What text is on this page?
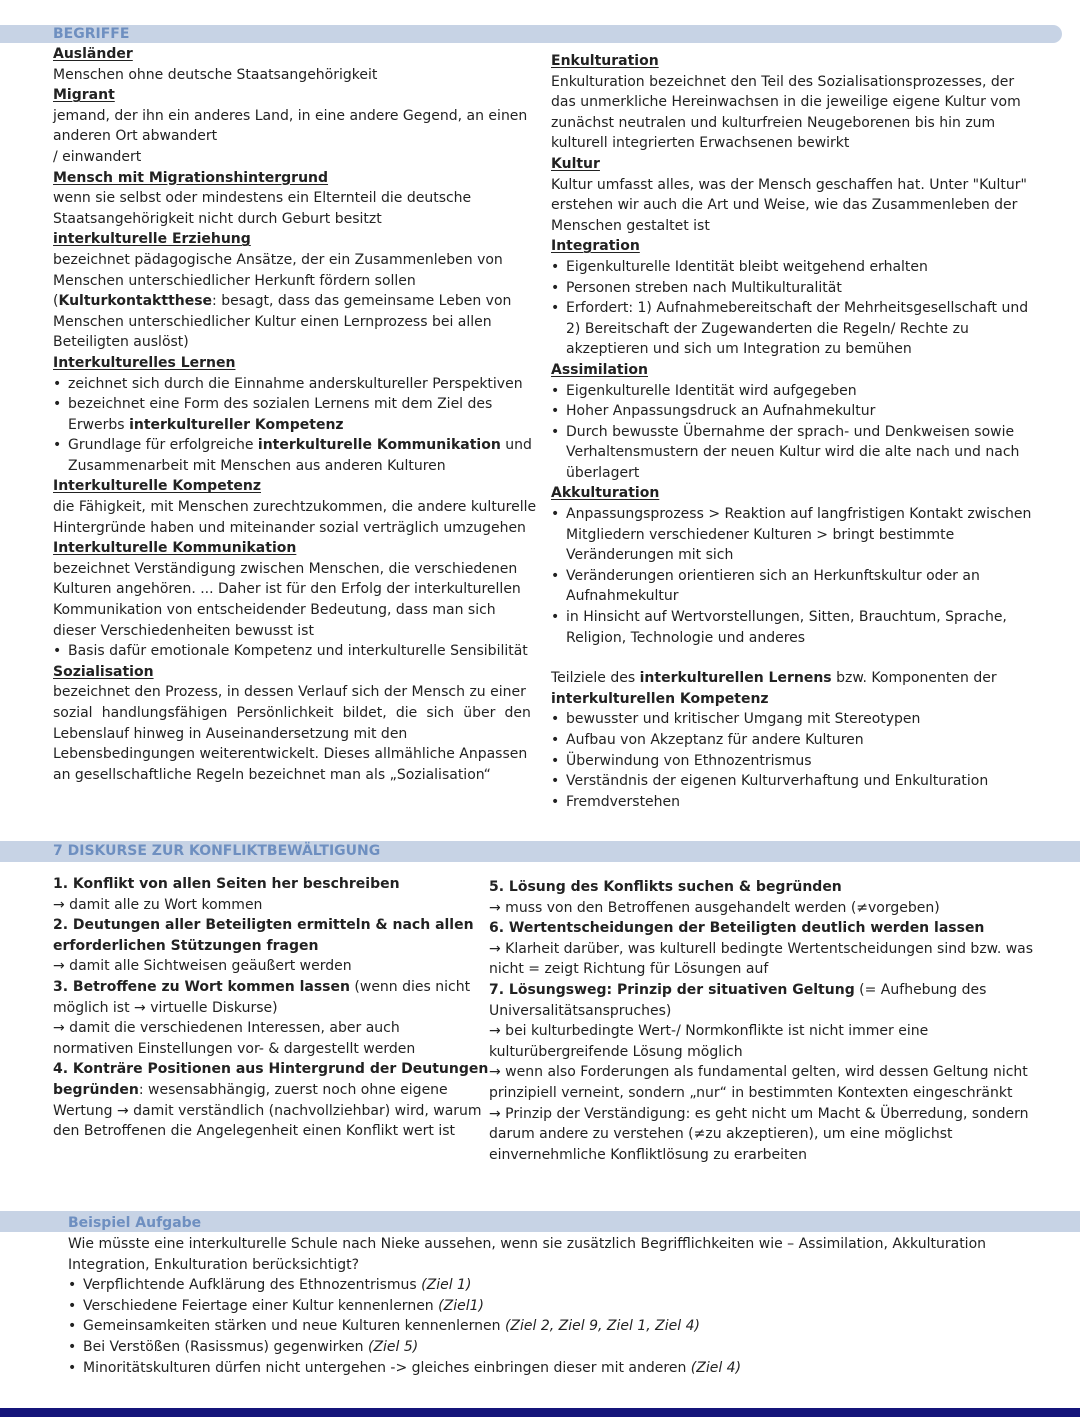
BEGRIFFE
Ausländer
Menschen ohne deutsche Staatsangehörigkeit
Migrant
jemand, der ihn ein anderes Land, in eine andere Gegend, an einen
anderen Ort abwandert
/ einwandert
Mensch mit Migrationshintergrund
wenn sie selbst oder mindestens ein Elternteil die deutsche
Staatsangehörigkeit nicht durch Geburt besitzt
interkulturelle Erziehung
bezeichnet pädagogische Ansätze, der ein Zusammenleben von
Menschen unterschiedlicher Herkunft fördern sollen
(Kulturkontaktthese: besagt, dass das gemeinsame Leben von
Menschen unterschiedlicher Kultur einen Lernprozess bei allen
Beteiligten auslöst)
Interkulturelles Lernen
• zeichnet sich durch die Einnahme anderskultureller Perspektiven
• bezeichnet eine Form des sozialen Lernens mit dem Ziel des
Erwerbs interkultureller Kompetenz
• Grundlage für erfolgreiche interkulturelle Kommunikation und
Zusammenarbeit mit Menschen aus anderen Kulturen
Interkulturelle Kompetenz
die Fähigkeit, mit Menschen zurechtzukommen, die andere kulturelle
Hintergründe haben und miteinander sozial verträglich umzugehen
Interkulturelle Kommunikation
bezeichnet Verständigung zwischen Menschen, die verschiedenen
Kulturen angehören. ... Daher ist für den Erfolg der interkulturellen
Kommunikation von entscheidender Bedeutung, dass man sich
dieser Verschiedenheiten bewusst ist
• Basis dafür emotionale Kompetenz und interkulturelle Sensibilität
Sozialisation
bezeichnet den Prozess, in dessen Verlauf sich der Mensch zu einer
sozial handlungsfähigen Persönlichkeit bildet, die sich über den
Lebenslauf hinweg in Auseinandersetzung mit den
Lebensbedingungen weiterentwickelt. Dieses allmähliche Anpassen
an gesellschaftliche Regeln bezeichnet man als „Sozialisation“
Enkulturation
Enkulturation bezeichnet den Teil des Sozialisationsprozesses, der
das unmerkliche Hereinwachsen in die jeweilige eigene Kultur vom
zunächst neutralen und kulturfreien Neugeborenen bis hin zum
kulturell integrierten Erwachsenen bewirkt
Kultur
Kultur umfasst alles, was der Mensch geschaffen hat. Unter "Kultur"
erstehen wir auch die Art und Weise, wie das Zusammenleben der
Menschen gestaltet ist
Integration
• Eigenkulturelle Identität bleibt weitgehend erhalten
• Personen streben nach Multikulturalität
• Erfordert: 1) Aufnahmebereitschaft der Mehrheitsgesellschaft und
2) Bereitschaft der Zugewanderten die Regeln/ Rechte zu
akzeptieren und sich um Integration zu bemühen
Assimilation
• Eigenkulturelle Identität wird aufgegeben
• Hoher Anpassungsdruck an Aufnahmekultur
• Durch bewusste Übernahme der sprach- und Denkweisen sowie
Verhaltensmustern der neuen Kultur wird die alte nach und nach
überlagert
Akkulturation
• Anpassungsprozess > Reaktion auf langfristigen Kontakt zwischen
Mitgliedern verschiedener Kulturen > bringt bestimmte
Veränderungen mit sich
• Veränderungen orientieren sich an Herkunftskultur oder an
Aufnahmekultur
• in Hinsicht auf Wertvorstellungen, Sitten, Brauchtum, Sprache,
Religion, Technologie und anderes
Teilziele des interkulturellen Lernens bzw. Komponenten der
interkulturellen Kompetenz
• bewusster und kritischer Umgang mit Stereotypen
• Aufbau von Akzeptanz für andere Kulturen
• Überwindung von Ethnozentrismus
• Verständnis der eigenen Kulturverhaftung und Enkulturation
• Fremdverstehen
7 DISKURSE ZUR KONFLIKTBEWÄLTIGUNG
1. Konflikt von allen Seiten her beschreiben
→ damit alle zu Wort kommen
2. Deutungen aller Beteiligten ermitteln & nach allen
erforderlichen Stützungen fragen
→ damit alle Sichtweisen geäußert werden
3. Betroffene zu Wort kommen lassen (wenn dies nicht
möglich ist → virtuelle Diskurse)
→ damit die verschiedenen Interessen, aber auch
normativen Einstellungen vor- & dargestellt werden
4. Konträre Positionen aus Hintergrund der Deutungen
begründen: wesensabhängig, zuerst noch ohne eigene
Wertung → damit verständlich (nachvollziehbar) wird, warum
den Betroffenen die Angelegenheit einen Konflikt wert ist
5. Lösung des Konflikts suchen & begründen
→ muss von den Betroffenen ausgehandelt werden (≠vorgeben)
6. Wertentscheidungen der Beteiligten deutlich werden lassen
→ Klarheit darüber, was kulturell bedingte Wertentscheidungen sind bzw. was
nicht = zeigt Richtung für Lösungen auf
7. Lösungsweg: Prinzip der situativen Geltung (= Aufhebung des
Universalitätsanspruches)
→ bei kulturbedingte Wert-/ Normkonflikte ist nicht immer eine
kulturübergreifende Lösung möglich
→ wenn also Forderungen als fundamental gelten, wird dessen Geltung nicht
prinzipiell verneint, sondern „nur“ in bestimmten Kontexten eingeschränkt
→ Prinzip der Verständigung: es geht nicht um Macht & Überredung, sondern
darum andere zu verstehen (≠zu akzeptieren), um eine möglichst
einvernehmliche Konfliktlösung zu erarbeiten
Beispiel Aufgabe
Wie müsste eine interkulturelle Schule nach Nieke aussehen, wenn sie zusätzlich Begrifflichkeiten wie – Assimilation, Akkulturation
Integration, Enkulturation berücksichtigt?
• Verpflichtende Aufklärung des Ethnozentrismus (Ziel 1)
• Verschiedene Feiertage einer Kultur kennenlernen (Ziel1)
• Gemeinsamkeiten stärken und neue Kulturen kennenlernen (Ziel 2, Ziel 9, Ziel 1, Ziel 4)
• Bei Verstößen (Rasissmus) gegenwirken (Ziel 5)
• Minoritätskulturen dürfen nicht untergehen -> gleiches einbringen dieser mit anderen (Ziel 4)
